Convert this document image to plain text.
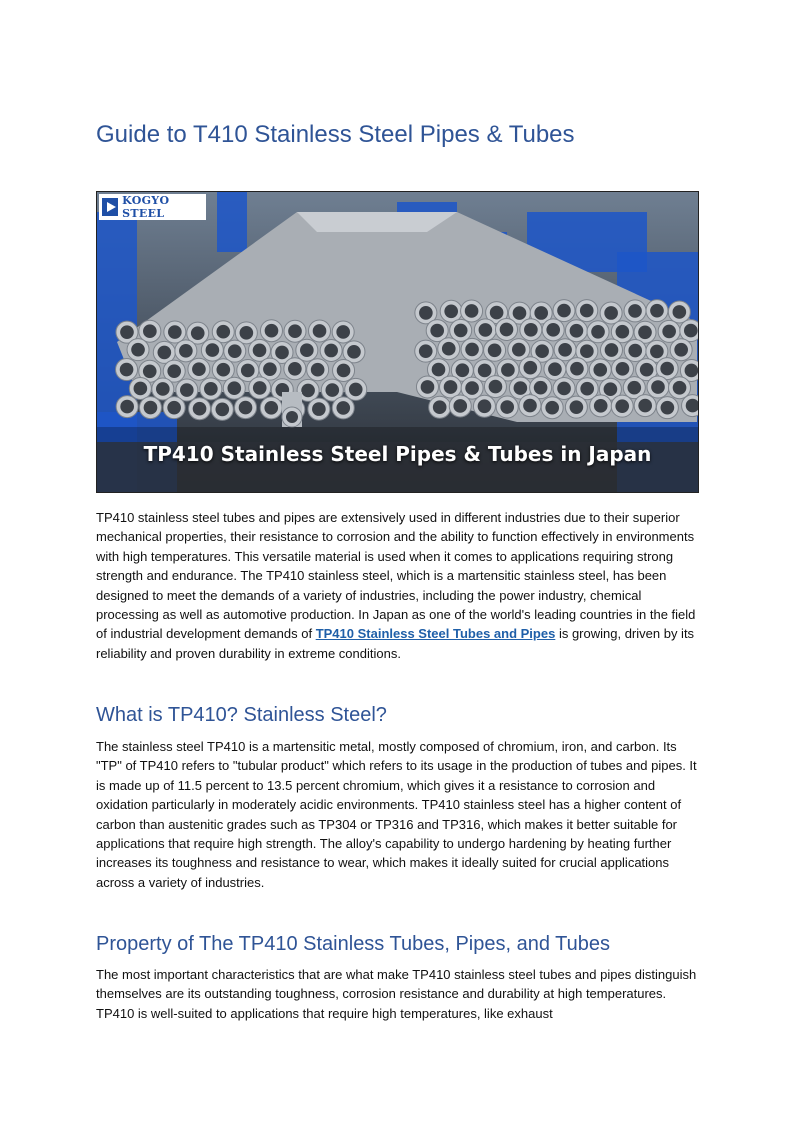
Guide to T410 Stainless Steel Pipes & Tubes
KOGYO STEEL
TP410 Stainless Steel Pipes & Tubes in Japan

TP410 stainless steel tubes and pipes are extensively used in different industries due to their superior mechanical properties, their resistance to corrosion and the ability to function effectively in environments with high temperatures. This versatile material is used when it comes to applications requiring strong strength and endurance. The TP410 stainless steel, which is a martensitic stainless steel, has been designed to meet the demands of a variety of industries, including the power industry, chemical processing as well as automotive production. In Japan as one of the world's leading countries in the field of industrial development demands of TP410 Stainless Steel Tubes and Pipes is growing, driven by its reliability and proven durability in extreme conditions.

What is TP410? Stainless Steel?

The stainless steel TP410 is a martensitic metal, mostly composed of chromium, iron, and carbon. Its "TP" of TP410 refers to "tubular product" which refers to its usage in the production of tubes and pipes. It is made up of 11.5 percent to 13.5 percent chromium, which gives it a resistance to corrosion and oxidation particularly in moderately acidic environments. TP410 stainless steel has a higher content of carbon than austenitic grades such as TP304 or TP316 and TP316, which makes it better suitable for applications that require high strength. The alloy's capability to undergo hardening by heating further increases its toughness and resistance to wear, which makes it ideally suited for crucial applications across a variety of industries.

Property of The TP410 Stainless Tubes, Pipes, and Tubes

The most important characteristics that are what make TP410 stainless steel tubes and pipes distinguish themselves are its outstanding toughness, corrosion resistance and durability at high temperatures. TP410 is well-suited to applications that require high temperatures, like exhaust
